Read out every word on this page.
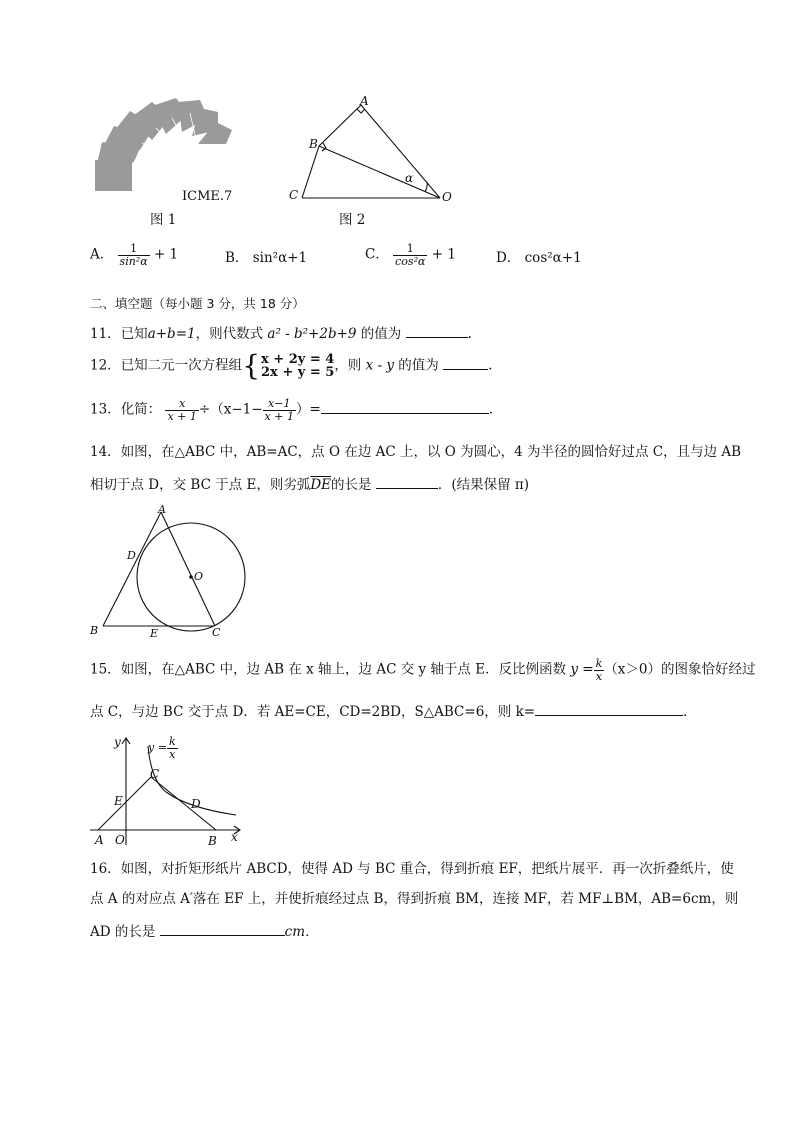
ICME.7
图 1
A
B
C	O
α
图 2
A． $\frac{1}{\text{sin²α}} + 1$	B． sin²α+1	C． $\frac{1}{\text{cos²α}} + 1$	D． cos²α+1
二、填空题（每小题 3 分，共 18 分）
11．已知a+b=1，则代数式 a² - b²+2b+9 的值为	.
12．已知二元一次方程组{ x + 2y = 4
2x + y = 5 ，则 x - y 的值为	.
13．化简： $\frac{x}{x + 1} \div(x-1- \frac{x-1}{x + 1}$ ）=	.
14．如图，在△ABC 中，AB=AC，点 O 在边 AC 上，以 O 为圆心，4 为半径的圆恰好过点 C，且与边 AB
相切于点 D，交 BC 于点 E，则劣弧$\overline{DE}$的长是	．(结果保留 π)
A
D
O
B	E	C
15．如图，在△ABC 中，边 AB 在 x 轴上，边 AC 交 y 轴于点 E．反比例函数 $y = \frac{k}{x} (x>0)$的图象恰好经过
点 C，与边 BC 交于点 D．若 AE=CE，CD=2BD，S△ABC=6，则 k=	．
y $y = \frac{k}{x}$
C
E	D
A O	B x
16．如图，对折矩形纸片 ABCD，使得 AD 与 BC 重合，得到折痕 EF，把纸片展平．再一次折叠纸片，使
点 A 的对应点 A′落在 EF 上，并使折痕经过点 B，得到折痕 BM，连接 MF，若 MF⊥BM，AB=6cm，则
AD 的长是	cm．
